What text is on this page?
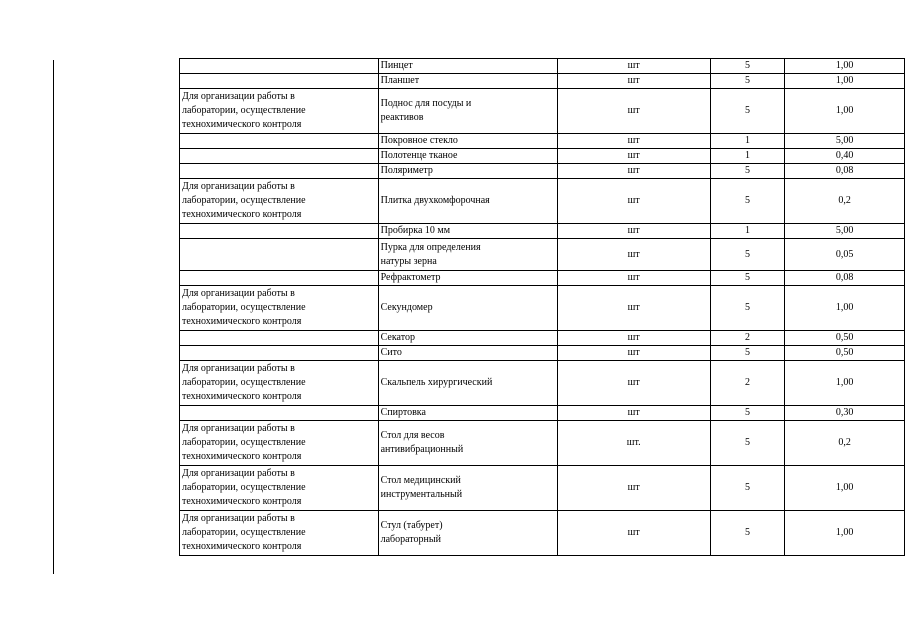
	Пинцет	шт	5	1,00

	Планшет	шт	5	1,00

Для организации работы в
лаборатории, осуществление
технохимического контроля	Поднос для посуды и
реактивов	шт	5	1,00

	Покровное стекло	шт	1	5,00

	Полотенце тканое	шт	1	0,40

	Поляриметр	шт	5	0,08

Для организации работы в
лаборатории, осуществление
технохимического контроля	Плитка двухкомфорочная	шт	5	0,2

	Пробирка 10 мм	шт	1	5,00

	Пурка для определения
натуры зерна	шт	5	0,05

	Рефрактометр	шт	5	0,08

Для организации работы в
лаборатории, осуществление
технохимического контроля	Секундомер	шт	5	1,00

	Секатор	шт	2	0,50

	Сито	шт	5	0,50

Для организации работы в
лаборатории, осуществление
технохимического контроля	Скальпель хирургический	шт	2	1,00

	Спиртовка	шт	5	0,30

Для организации работы в
лаборатории, осуществление
технохимического контроля	Стол для весов
антивибрационный	шт.	5	0,2

Для организации работы в
лаборатории, осуществление
технохимического контроля	Стол медицинский
инструментальный	шт	5	1,00

Для организации работы в
лаборатории, осуществление
технохимического контроля	Стул (табурет)
лабораторный	шт	5	1,00
